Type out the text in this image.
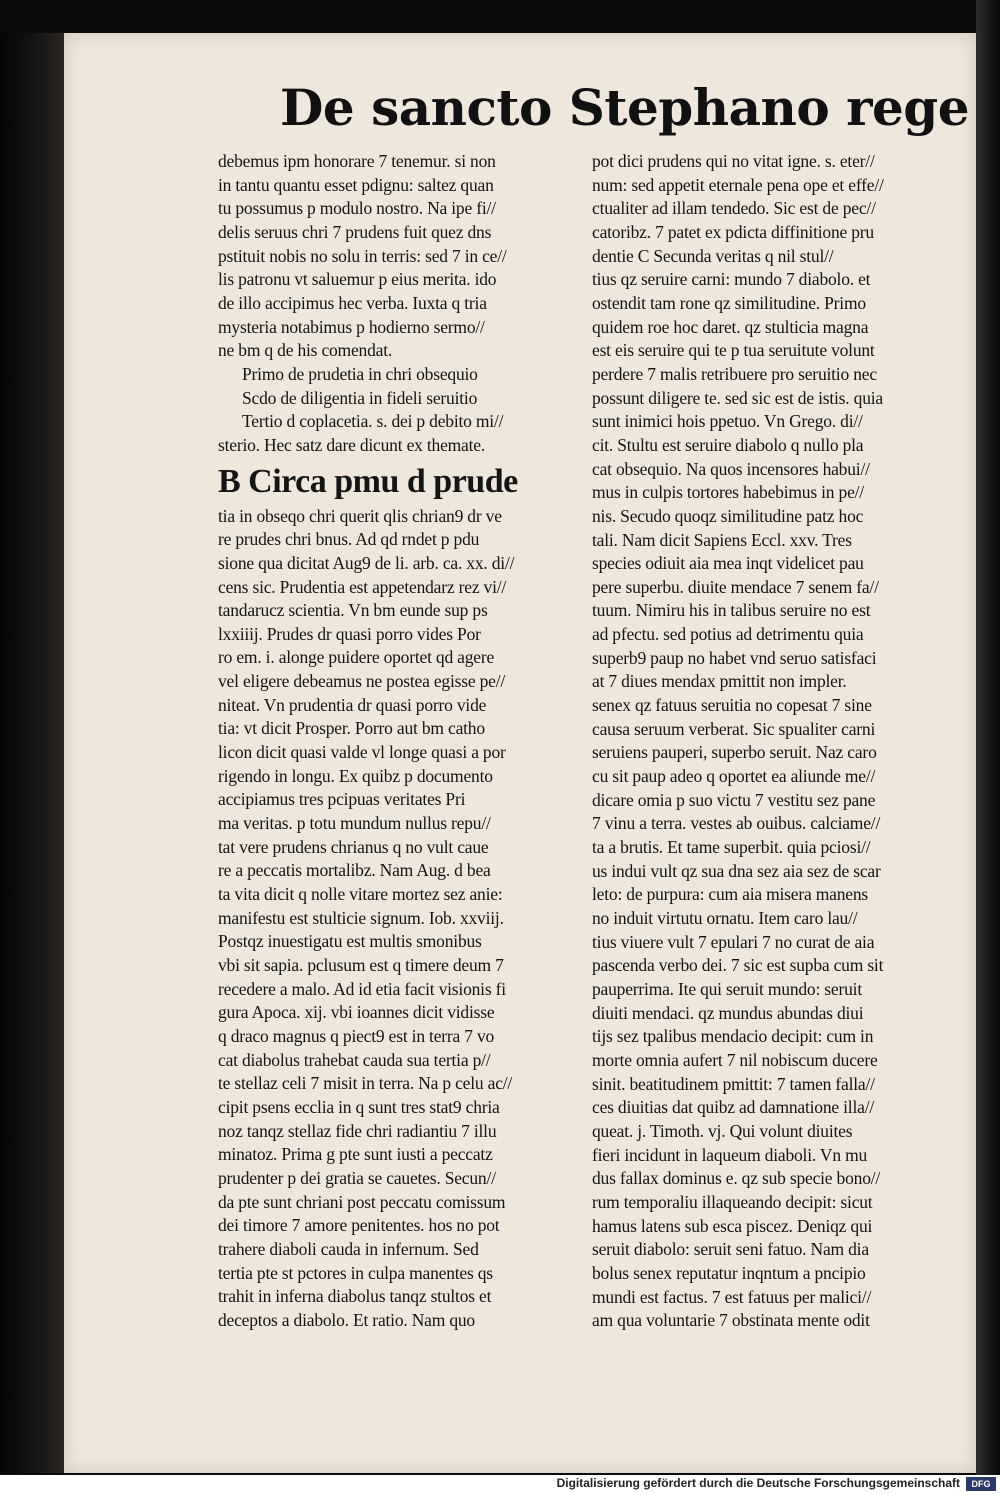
De sancto Stephano rege
debemus ipm honorare 7 tenemur. si non
in tantu quantu esset pdignu: saltez quan
tu possumus p modulo nostro. Na ipe fi//
delis seruus chri 7 prudens fuit quez dns
pstituit nobis no solu in terris: sed 7 in ce//
lis patronu vt saluemur p eius merita. ido
de illo accipimus hec verba. Iuxta q tria
mysteria notabimus p hodierno sermo//
ne bm q de his comendat.
Primo de prudetia in chri obsequio
Scdo de diligentia in fideli seruitio
Tertio d coplacetia. s. dei p debito mi//
sterio. Hec satz dare dicunt ex themate.
B Circa pmu d prude
tia in obseqo chri querit qlis chrian9 dr ve
re prudes chri bnus. Ad qd rndet p pdu
sione qua dicitat Aug9 de li. arb. ca. xx. di//
cens sic. Prudentia est appetendarz rez vi//
tandarucz scientia. Vn bm eunde sup ps
lxxiiij. Prudes dr quasi porro vides Por
ro em. i. alonge puidere oportet qd agere
vel eligere debeamus ne postea egisse pe//
niteat. Vn prudentia dr quasi porro vide
tia: vt dicit Prosper. Porro aut bm catho
licon dicit quasi valde vl longe quasi a por
rigendo in longu. Ex quibz p documento
accipiamus tres pcipuas veritates Pri
ma veritas. p totu mundum nullus repu//
tat vere prudens chrianus q no vult caue
re a peccatis mortalibz. Nam Aug. d bea
ta vita dicit q nolle vitare mortez sez anie:
manifestu est stulticie signum. Iob. xxviij.
Postqz inuestigatu est multis smonibus
vbi sit sapia. pclusum est q timere deum 7
recedere a malo. Ad id etia facit visionis fi
gura Apoca. xij. vbi ioannes dicit vidisse
q draco magnus q piect9 est in terra 7 vo
cat diabolus trahebat cauda sua tertia p//
te stellaz celi 7 misit in terra. Na p celu ac//
cipit psens ecclia in q sunt tres stat9 chria
noz tanqz stellaz fide chri radiantiu 7 illu
minatoz. Prima g pte sunt iusti a peccatz
prudenter p dei gratia se cauetes. Secun//
da pte sunt chriani post peccatu comissum
dei timore 7 amore penitentes. hos no pot
trahere diaboli cauda in infernum. Sed
tertia pte st pctores in culpa manentes qs
trahit in inferna diabolus tanqz stultos et
deceptos a diabolo. Et ratio. Nam quo
pot dici prudens qui no vitat igne. s. eter//
num: sed appetit eternale pena ope et effe//
ctualiter ad illam tendedo. Sic est de pec//
catoribz. 7 patet ex pdicta diffinitione pru
dentie C Secunda veritas q nil stul//
tius qz seruire carni: mundo 7 diabolo. et
ostendit tam rone qz similitudine. Primo
quidem roe hoc daret. qz stulticia magna
est eis seruire qui te p tua seruitute volunt
perdere 7 malis retribuere pro seruitio nec
possunt diligere te. sed sic est de istis. quia
sunt inimici hois ppetuo. Vn Grego. di//
cit. Stultu est seruire diabolo q nullo pla
cat obsequio. Na quos incensores habui//
mus in culpis tortores habebimus in pe//
nis. Secudo quoqz similitudine patz hoc
tali. Nam dicit Sapiens Eccl. xxv. Tres
species odiuit aia mea inqt videlicet pau
pere superbu. diuite mendace 7 senem fa//
tuum. Nimiru his in talibus seruire no est
ad pfectu. sed potius ad detrimentu quia
superb9 paup no habet vnd seruo satisfaci
at 7 diues mendax pmittit non impler.
senex qz fatuus seruitia no copesat 7 sine
causa seruum verberat. Sic spualiter carni
seruiens pauperi, superbo seruit. Naz caro
cu sit paup adeo q oportet ea aliunde me//
dicare omia p suo victu 7 vestitu sez pane
7 vinu a terra. vestes ab ouibus. calciame//
ta a brutis. Et tame superbit. quia pciosi//
us indui vult qz sua dna sez aia sez de scar
leto: de purpura: cum aia misera manens
no induit virtutu ornatu. Item caro lau//
tius viuere vult 7 epulari 7 no curat de aia
pascenda verbo dei. 7 sic est supba cum sit
pauperrima. Ite qui seruit mundo: seruit
diuiti mendaci. qz mundus abundas diui
tijs sez tpalibus mendacio decipit: cum in
morte omnia aufert 7 nil nobiscum ducere
sinit. beatitudinem pmittit: 7 tamen falla//
ces diuitias dat quibz ad damnatione illa//
queat. j. Timoth. vj. Qui volunt diuites
fieri incidunt in laqueum diaboli. Vn mu
dus fallax dominus e. qz sub specie bono//
rum temporaliu illaqueando decipit: sicut
hamus latens sub esca piscez. Deniqz qui
seruit diabolo: seruit seni fatuo. Nam dia
bolus senex reputatur inqntum a pncipio
mundi est factus. 7 est fatuus per malici//
am qua voluntarie 7 obstinata mente odit
Digitalisierung gefördert durch die Deutsche Forschungsgemeinschaft	DFG
